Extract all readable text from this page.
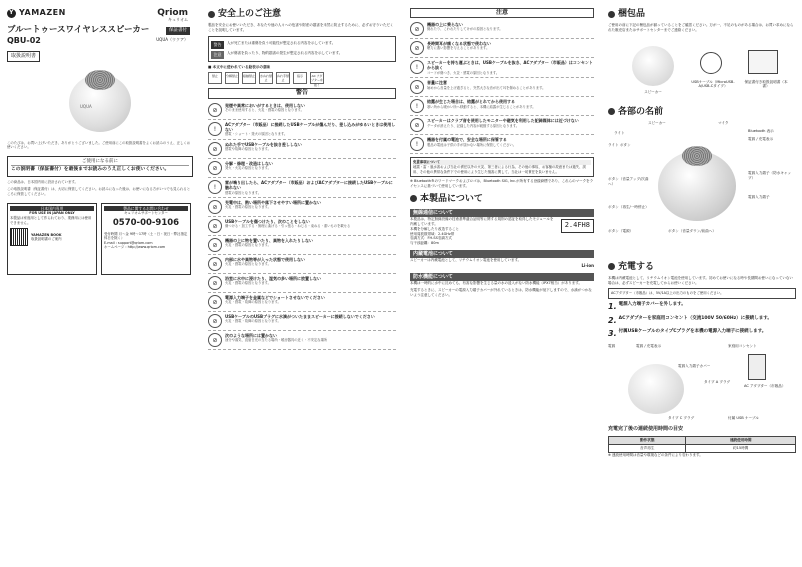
Y YAMAZEN	Qriom
キュリオム
保証書付
ブルートゥースワイヤレススピーカー
QBU-02	UQUA（ウクア）
取扱説明書
UQUA

このたびは、お買い上げいただき、ありがとうございました。ご使用前にこの取扱説明書をよくお読みのうえ、正しくお使いください。

ご使用になる前に
この説明書（保証書付）を最後までお読みのうえ正しくお使いください。

この商品は、日本国内用に設計されています。

この取扱説明書（保証書付）は、大切に保管してください。お読みになった後は、お使いになる方がいつでも見られるところに保管してください。

日本国内専用
FOR USE IN JAPAN ONLY

本製品は家庭用として作られており、業務用には使用できません。

YAMAZEN BOOK
取扱説明書のご案内
製品に関するお問い合わせ
キュリオムサポートセンター
0570-00-9106

受付時間 月～金 9時～17時（土・日・祝日・弊社指定休日を除く）

E-mail : support@qriom.com

ホームページ : http://www.qriom.com

安全上のご注意

製品を安全にお使いいただき、あなたや他の人々への危害や財産の損害を未然に防止するために、必ずお守りいただくことを説明しています。

警告	人が死亡または重傷を負う可能性が想定される内容を示しています。
注意	人が傷害を負ったり、物的損害の発生が想定される内容を示しています。
■ 本文中に使われている絵表示の意味
禁止	分解禁止	接触禁止	水ぬれ禁止
ぬれ手禁止
指示	AC アダプターを抜く
警告
⊘
発煙や異常においがするときは、使用しない
そのまま使用すると、火災・感電の原因となります。
!
ACアダプター（市販品）に接続したUSBケーブルが傷んだり、差し込みがゆるいときは使用しない
感電・ショート・発火の原因となります。
⊘
ぬれた手でUSBケーブルを抜き差ししない
感電や故障の原因となります。
⊘
分解・修理・改造はしない
発火・火災の原因となります。
!
雷が鳴り出したら、ACアダプター（市販品）およびACアダプターに接続したUSBケーブルに触れない
感電の原因となります。
⊘
充電中は、熱い場所や落下させやすい場所に置かない
火災・感電の原因となります。
⊘
USBケーブルを傷つけたり、次のことをしない
傷つける・加工する・無理に曲げる・引っ張る・ねじる・束ねる・重いものを載せる
⊘
機器の上に物を置いたり、異物を入れたりしない
火災・感電の原因となります。
⊘
内部に水や異物等が入った状態で使用しない
火災・感電の原因となります。
⊘
浴室に水中に浸けたり、湿気の多い場所に放置しない
火災・感電の原因となります。
⊘
電源入力端子を金属などでショートさせないでください
火災・感電・故障の原因となります。
⊘
USBケーブルのUSBプラグに水滴がついたままスピーカーに接続しないでください
火災・感電・故障の原因となります。
⊘
次のような場所には置かない
油分や湯気、直射日光の当たる場所・暖房器具の近く・不安定な場所
注意
⊘
機器の上に乗らない
倒れたり、こわれたりしてけがの原因となります。
⊘
長時間耳が痛くなる状態で使わない
聴力に悪い影響を与えることがあります。
!
スピーカーを持ち運ぶときは、USBケーブルを抜き、ACアダプター（市販品）はコンセントから抜く
コードが傷つき、火災・感電の原因となります。
⊘
音量に注意
始めから音量を上げ過ぎると、突然大きな音が出て耳を傷めることがあります。
!
結露が生じた場合は、結露がとれてから使用する
寒い所から暖かい所へ移動すると、本機に結露が生じることがあります。
⊘
スピーカーはクラブ音を使用したモニターや磁気を利用した記録媒体には近づけない
データが消えたり、記録した内容が破損する原因となります。
!
機器を付属の電池で、安全な場所に保管する
製品の電池は子供の手が届かない場所に保管してください。
免責事項について

地震・雷・風水害および当社の責任以外の火災、第三者による行為、その他の事故、お客様の故意または過失、誤用、その他の異常な条件下での使用により生じた損害に関して、当社は一切責任を負いません。

※ Bluetooth®のワードマークおよびロゴは、Bluetooth SIG, Inc.が所有する登録商標であり、これらのマークをライセンスに基づいて使用しています。

本製品について
無線通信について
2.4FH8

本製品は、特定無線設備の技術基準適合証明等に関する規則の認証を取得したモジュールを内蔵しています。

本機を分解したり改造すること

使用周波数帯域：2.4GHz帯

変調方式：FH-SS変調方式

与干渉距離：80m

内蔵電池について

スピーカーは内蔵電池として、リチウムイオン電池を使用しています。

Li-ion
防水機能について

本機は一時的に水中に沈めても、有害な影響を生じる量の水の浸入がない防水機能（IPX7相当）があります。

充電するときに、スピーカーの電源入力端子カバーが外れているときは、防水機能が低下しますので、水滴がつかないよう注意してください。

梱包品

ご使用の前に下記の梱包品が揃っていることをご確認ください。万が一、不足のものがある場合は、お買い求めになられた販売店またはサポートセンターまでご連絡ください。

スピーカー
USBケーブル（MicroUSB-A/USB-Cタイプ）
保証書付き取扱説明書（本書）
各部の名前
スピーカー	マイク
Bluetooth 表示
ライト
電源 / 充電表示
ライト ボタン
電源入力端子（防水キャップ）
ボタン（音量アップ/次曲へ）
電源入力端子
ボタン（再生/一時停止）
ボタン（電源）	ボタン（音量ダウン/前曲へ）
充電する

本機は内蔵電池として、リチウムイオン電池を使用しています。初めてお使いになる時や長期間お使いになっていない場合は、必ずスピーカーを充電してからお使いください。

ACアダプター（市販品）は、5V/1A以上の出力のものをご使用ください。

1. 電源入力端子カバーを外します。
2. ACアダプターを家庭用コンセント（交流100V 50/60Hz）に接続します。
3. 付属USBケーブルのタイプCプラグを本機の電源入力端子に接続します。
電源	電源 / 充電表示	家庭用コンセント
電源入力端子カバー
タイプ A プラグ
AC アダプター（市販品）
タイプ C プラグ	付属 USB ケーブル
充電完了後の連続使用時間の目安
動作状態	連続使用時間
音声再生	約15時間

※ 連続使用時間は音量や環境などの条件により変わります。
